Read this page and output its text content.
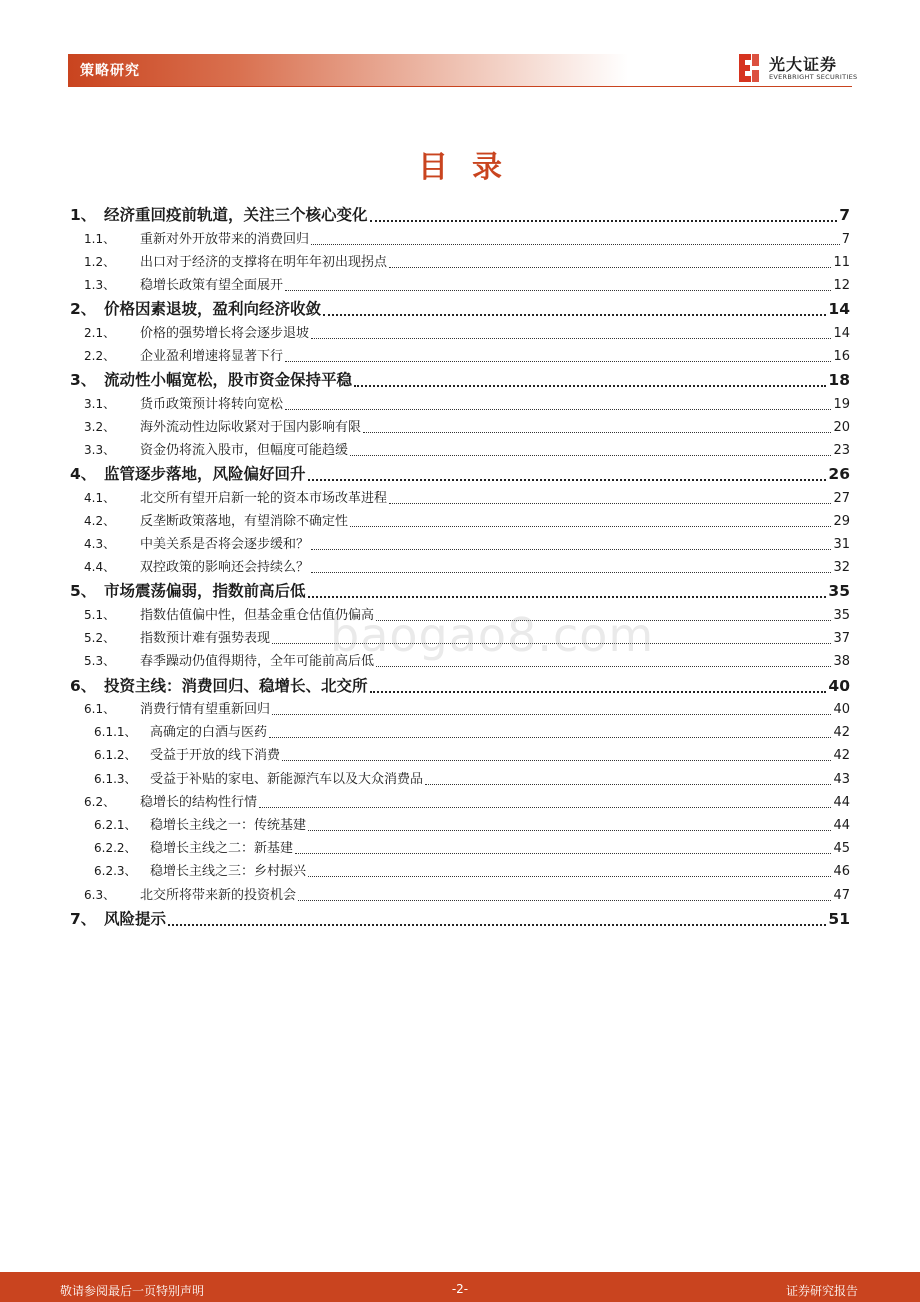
策略研究	光大证券
EVERBRIGHT SECURITIES
目录
1、 经济重回疫前轨道，关注三个核心变化	7
1.1、	重新对外开放带来的消费回归	7
1.2、	出口对于经济的支撑将在明年年初出现拐点	11
1.3、	稳增长政策有望全面展开	12
2、 价格因素退坡，盈利向经济收敛	14
2.1、	价格的强势增长将会逐步退坡	14
2.2、	企业盈利增速将显著下行	16
3、 流动性小幅宽松，股市资金保持平稳	18
3.1、	货币政策预计将转向宽松	19
3.2、	海外流动性边际收紧对于国内影响有限	20
3.3、	资金仍将流入股市，但幅度可能趋缓	23
4、 监管逐步落地，风险偏好回升	26
4.1、	北交所有望开启新一轮的资本市场改革进程	27
4.2、	反垄断政策落地，有望消除不确定性	29
4.3、	中美关系是否将会逐步缓和？	31
4.4、	双控政策的影响还会持续么？	32
5、 市场震荡偏弱，指数前高后低	35
5.1、	指数估值偏中性，但基金重仓估值仍偏高	35
5.2、	指数预计难有强势表现	37
5.3、	春季躁动仍值得期待，全年可能前高后低	38
6、 投资主线：消费回归、稳增长、北交所	40
6.1、	消费行情有望重新回归	40
6.1.1、	高确定的白酒与医药	42
6.1.2、	受益于开放的线下消费	42
6.1.3、	受益于补贴的家电、新能源汽车以及大众消费品	43
6.2、	稳增长的结构性行情	44
6.2.1、	稳增长主线之一：传统基建	44
6.2.2、	稳增长主线之二：新基建	45
6.2.3、	稳增长主线之三：乡村振兴	46
6.3、	北交所将带来新的投资机会	47
7、 风险提示	51
baogao8.com
敬请参阅最后一页特别声明	-2-	证券研究报告
